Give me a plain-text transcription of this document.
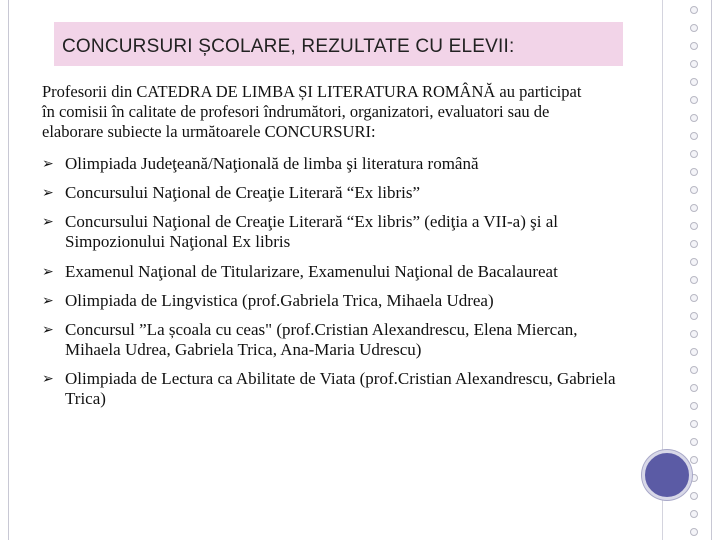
CONCURSURI ȘCOLARE, REZULTATE CU ELEVII:
Profesorii din CATEDRA DE LIMBA ȘI LITERATURA ROMÂNĂ au participat în comisii în calitate de profesori îndrumători, organizatori, evaluatori sau de elaborare subiecte la următoarele CONCURSURI:
➢ Olimpiada Judeţeană/Naţională de limba şi literatura română
➢ Concursului Naţional de Creaţie Literară “Ex libris”
➢ Concursului Naţional de Creaţie Literară “Ex libris” (ediţia a VII-a) şi al Simpozionului Naţional Ex libris
➢ Examenul Naţional de Titularizare, Examenului Naţional de Bacalaureat
➢ Olimpiada de Lingvistica (prof.Gabriela Trica, Mihaela Udrea)
➢ Concursul ”La școala cu ceas" (prof.Cristian Alexandrescu, Elena Miercan, Mihaela Udrea, Gabriela Trica, Ana-Maria Udrescu)
➢ Olimpiada de Lectura ca Abilitate de Viata (prof.Cristian Alexandrescu, Gabriela Trica)
